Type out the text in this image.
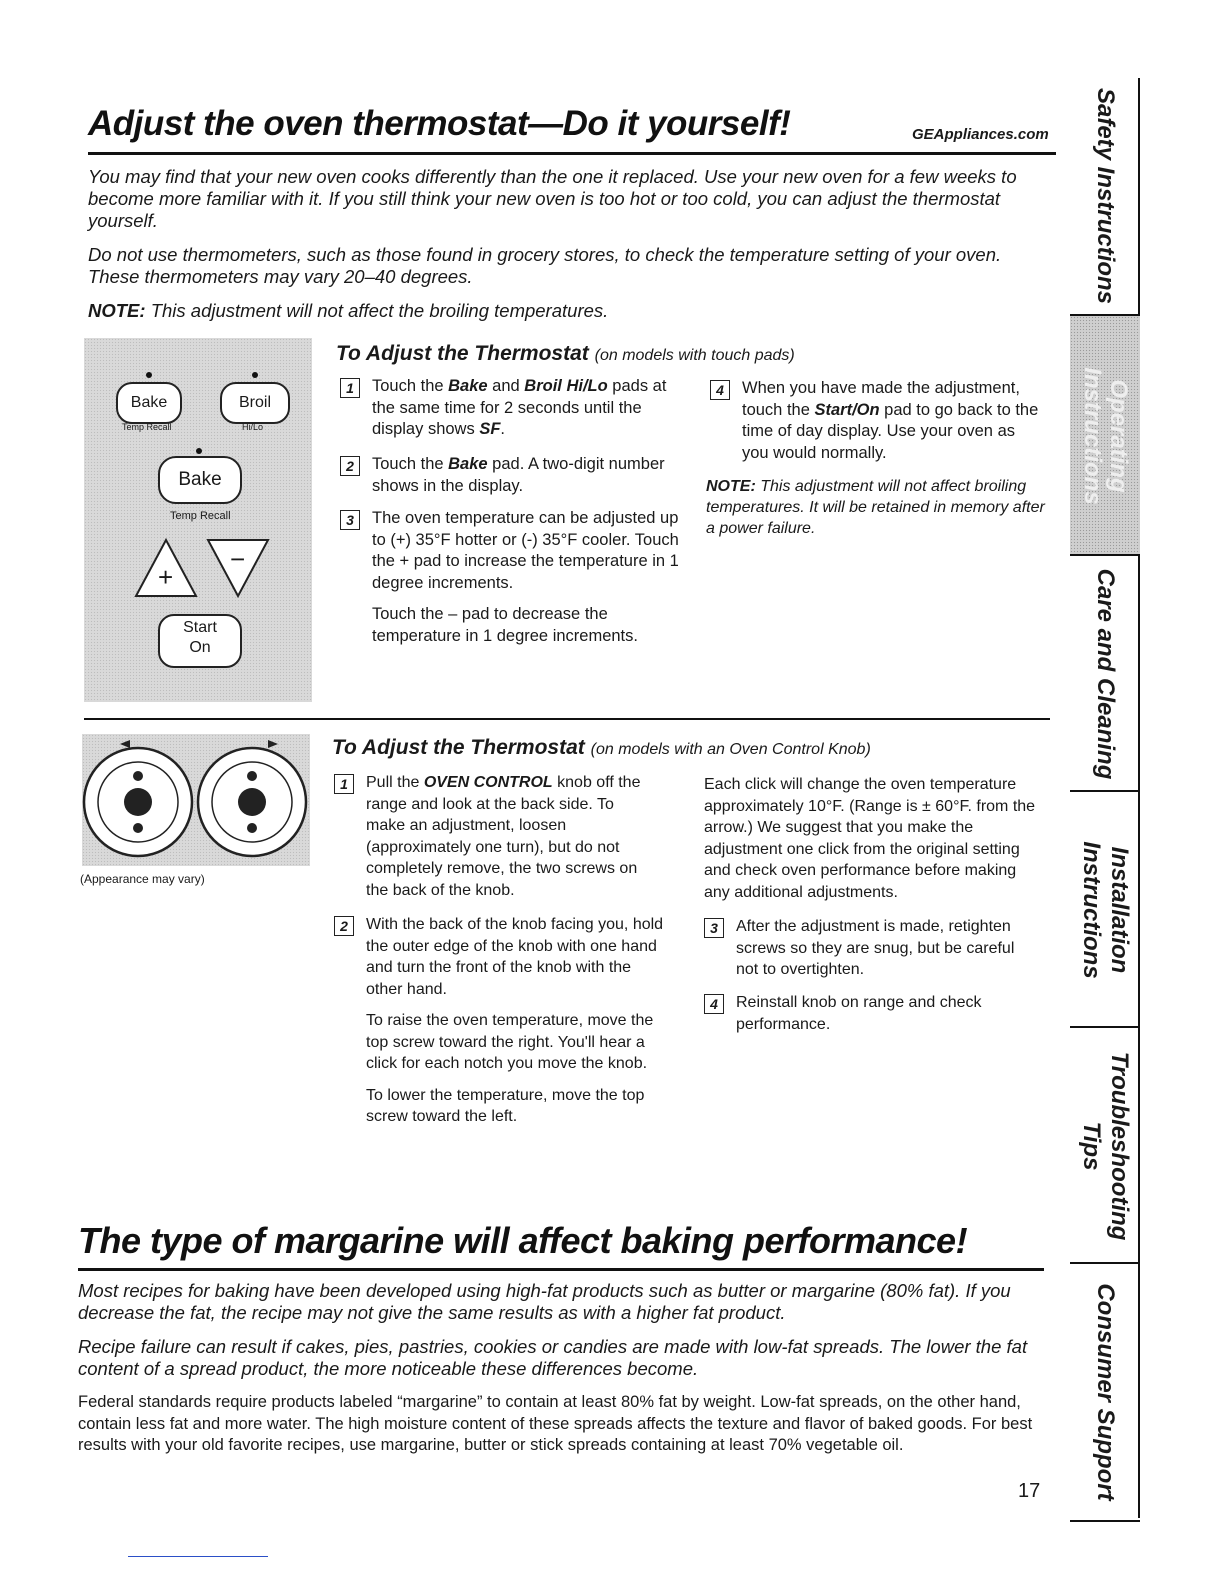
Adjust the oven thermostat—Do it yourself!	GEAppliances.com

You may find that your new oven cooks differently than the one it replaced. Use your new oven for a few weeks to become more familiar with it. If you still think your new oven is too hot or too cold, you can adjust the thermostat yourself.

Do not use thermometers, such as those found in grocery stores, to check the temperature setting of your oven. These thermometers may vary 20–40 degrees.

NOTE: This adjustment will not affect the broiling temperatures.

Bake
Temp Recall
Broil
Hi/Lo
Bake
Temp Recall
+
−
Start
On
To Adjust the Thermostat (on models with touch pads)
1	Touch the Bake and Broil Hi/Lo pads at the same time for 2 seconds until the display shows SF.
2	Touch the Bake pad. A two-digit number shows in the display.
3	The oven temperature can be adjusted up to (+) 35°F hotter or (-) 35°F cooler. Touch the + pad to increase the temperature in 1 degree increments.

Touch the – pad to decrease the temperature in 1 degree increments.

4	When you have made the adjustment, touch the Start/On pad to go back to the time of day display. Use your oven as you would normally.
NOTE: This adjustment will not affect broiling temperatures. It will be retained in memory after a power failure.
(Appearance may vary)
To Adjust the Thermostat (on models with an Oven Control Knob)
1	Pull the OVEN CONTROL knob off the range and look at the back side. To make an adjustment, loosen (approximately one turn), but do not completely remove, the two screws on the back of the knob.
2	With the back of the knob facing you, hold the outer edge of the knob with one hand and turn the front of the knob with the other hand.

To raise the oven temperature, move the top screw toward the right. You'll hear a click for each notch you move the knob.

To lower the temperature, move the top screw toward the left.

Each click will change the oven temperature approximately 10°F. (Range is ± 60°F. from the arrow.) We suggest that you make the adjustment one click from the original setting and check oven performance before making any additional adjustments.
3	After the adjustment is made, retighten screws so they are snug, but be careful not to overtighten.
4	Reinstall knob on range and check performance.
The type of margarine will affect baking performance!

Most recipes for baking have been developed using high-fat products such as butter or margarine (80% fat). If you decrease the fat, the recipe may not give the same results as with a higher fat product.

Recipe failure can result if cakes, pies, pastries, cookies or candies are made with low-fat spreads. The lower the fat content of a spread product, the more noticeable these differences become.

Federal standards require products labeled “margarine” to contain at least 80% fat by weight. Low-fat spreads, on the other hand, contain less fat and more water. The high moisture content of these spreads affects the texture and flavor of baked goods. For best results with your old favorite recipes, use margarine, butter or stick spreads containing at least 70% vegetable oil.

17
Safety Instructions
Operating Instructions
Care and Cleaning
Installation Instructions
Troubleshooting Tips
Consumer Support
